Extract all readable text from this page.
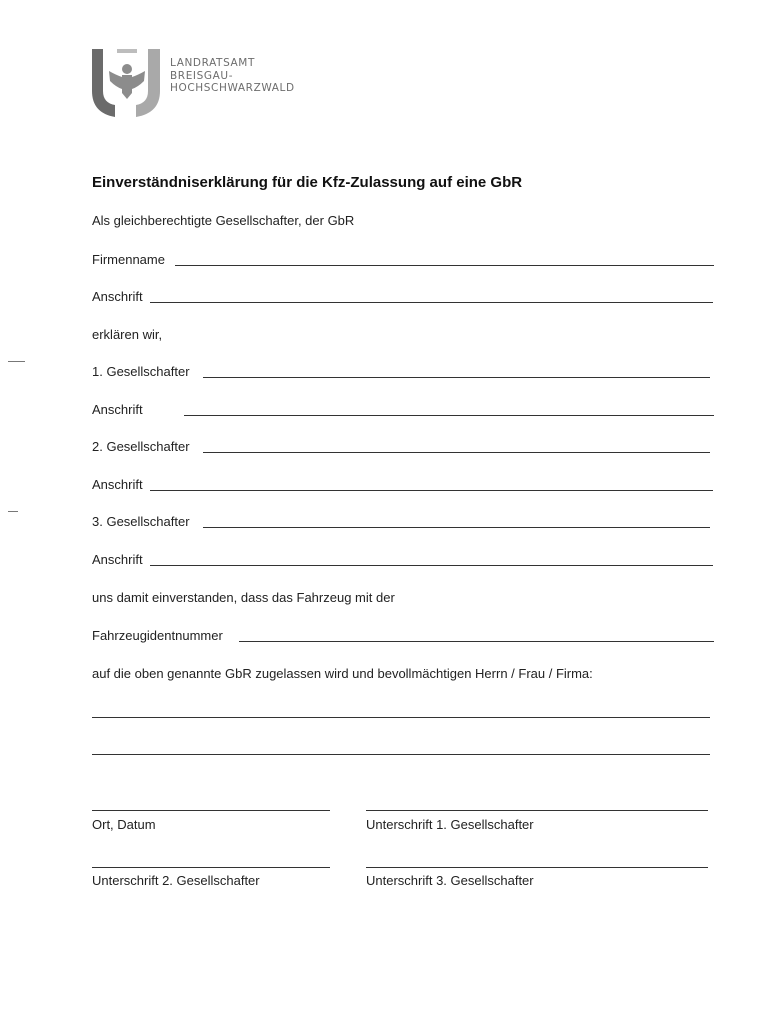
LANDRATSAMT
BREISGAU-
HOCHSCHWARZWALD
Einverständniserklärung für die Kfz-Zulassung auf eine GbR
Als gleichberechtigte Gesellschafter, der GbR
Firmenname
Anschrift
erklären wir,
1. Gesellschafter
Anschrift
2. Gesellschafter
Anschrift
3. Gesellschafter
Anschrift
uns damit einverstanden, dass das Fahrzeug mit der
Fahrzeugidentnummer
auf die oben genannte GbR zugelassen wird und bevollmächtigen Herrn / Frau / Firma:
Ort, Datum	Unterschrift 1. Gesellschafter
Unterschrift 2. Gesellschafter	Unterschrift 3. Gesellschafter
